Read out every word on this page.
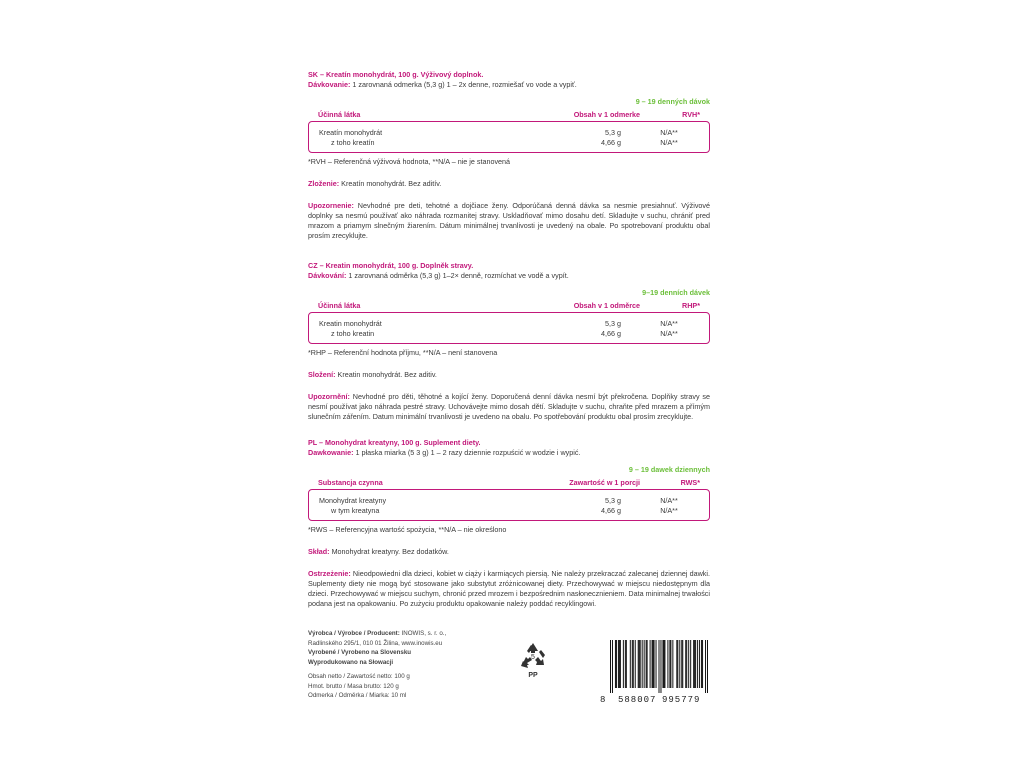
SK – Kreatín monohydrát, 100 g. Výživový doplnok.
Dávkovanie: 1 zarovnaná odmerka (5,3 g) 1 – 2x denne, rozmiešať vo vode a vypiť.
9 – 19 denných dávok
Účinná látka	Obsah v 1 odmerke	RVH*
Kreatín monohydrát	5,3 g	N/A**
z toho kreatín	4,66 g	N/A**
*RVH – Referenčná výživová hodnota, **N/A – nie je stanovená
Zloženie: Kreatín monohydrát. Bez aditív.
Upozornenie: Nevhodné pre deti, tehotné a dojčiace ženy. Odporúčaná denná dávka sa nesmie presiahnuť. Výživové doplnky sa nesmú používať ako náhrada rozmanitej stravy. Uskladňovať mimo dosahu detí. Skladujte v suchu, chrániť pred mrazom a priamym slnečným žiarením. Dátum minimálnej trvanlivosti je uvedený na obale. Po spotrebovaní produktu obal prosím zrecyklujte.
CZ – Kreatin monohydrát, 100 g. Doplněk stravy.
Dávkování: 1 zarovnaná odměrka (5,3 g) 1–2× denně, rozmíchat ve vodě a vypít.
9–19 denních dávek
Účinná látka	Obsah v 1 odměrce	RHP*
Kreatin monohydrát	5,3 g	N/A**
z toho kreatin	4,66 g	N/A**
*RHP – Referenční hodnota příjmu, **N/A – není stanovena
Složení: Kreatin monohydrát. Bez aditiv.
Upozornění: Nevhodné pro děti, těhotné a kojící ženy. Doporučená denní dávka nesmí být překročena. Doplňky stravy se nesmí používat jako náhrada pestré stravy. Uchovávejte mimo dosah dětí. Skladujte v suchu, chraňte před mrazem a přímým slunečním zářením. Datum minimální trvanlivosti je uvedeno na obalu. Po spotřebování produktu obal prosím zrecyklujte.
PL – Monohydrat kreatyny, 100 g. Suplement diety.
Dawkowanie: 1 płaska miarka (5 3 g) 1 – 2 razy dziennie rozpuścić w wodzie i wypić.
9 – 19 dawek dziennych
Substancja czynna	Zawartość w 1 porcji	RWS*
Monohydrat kreatyny	5,3 g	N/A**
w tym kreatyna	4,66 g	N/A**
*RWS – Referencyjna wartość spożycia, **N/A – nie określono
Skład: Monohydrat kreatyny. Bez dodatków.
Ostrzeżenie: Nieodpowiedni dla dzieci, kobiet w ciąży i karmiących piersią. Nie należy przekraczać zalecanej dziennej dawki. Suplementy diety nie mogą być stosowane jako substytut zróżnicowanej diety. Przechowywać w miejscu niedostępnym dla dzieci. Przechowywać w miejscu suchym, chronić przed mrozem i bezpośrednim nasłonecznieniem. Data minimalnej trwałości podana jest na opakowaniu. Po zużyciu produktu opakowanie należy poddać recyklingowi.
Výrobca / Výrobce / Producent: INOWIS, s. r. o.,
Radlinského 295/1, 010 01 Žilina, www.inowis.eu
Vyrobené / Vyrobeno na Slovensku
Wyprodukowano na Słowacji
Obsah netto / Zawartość netto: 100 g
Hmot. brutto / Masa brutto: 120 g
Odmerka / Odměrka / Miarka: 10 ml
5
PP
8 588007 995779
